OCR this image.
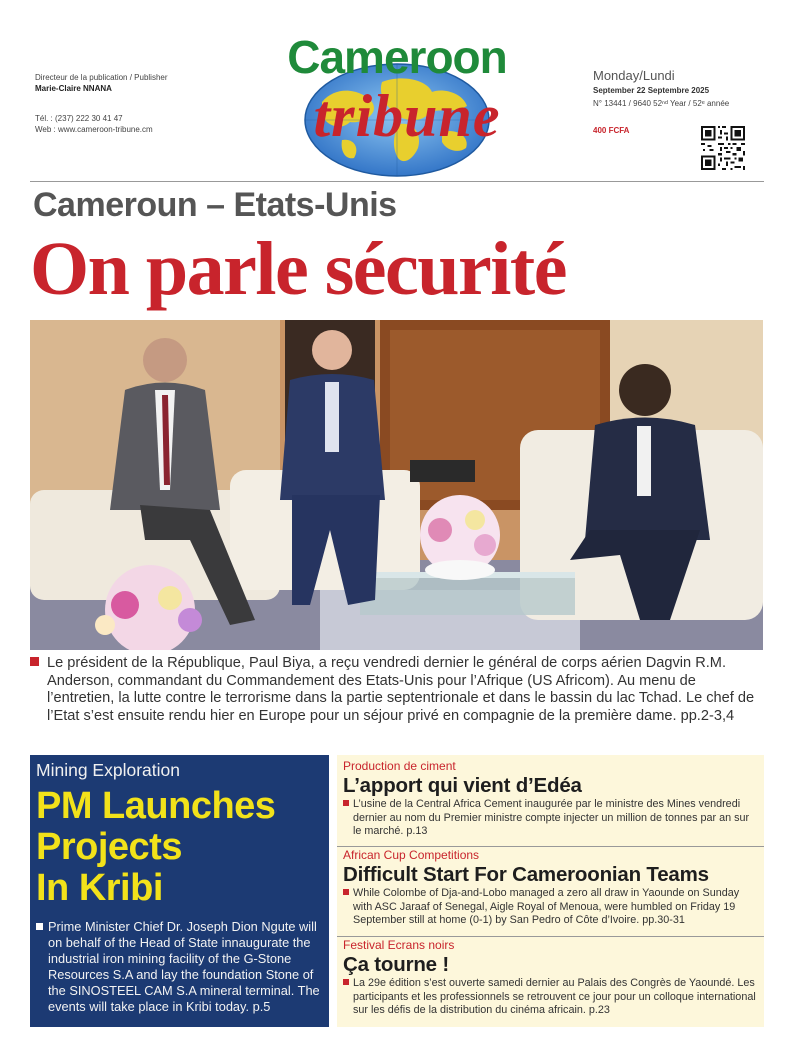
Directeur de la publication / Publisher
Marie-Claire NNANA
Tél. : (237) 222 30 41 47
Web : www.cameroon-tribune.cm
Cameroon
tribune
Monday/Lundi
September 22 Septembre 2025
N° 13441 / 9640 52ⁿᵈ Year / 52ᵉ année
400 FCFA
Cameroun – Etats-Unis
On parle sécurité
Le président de la République, Paul Biya, a reçu vendredi dernier le général de corps aérien Dagvin R.M. Anderson, commandant du Commandement des Etats-Unis pour l’Afrique (US Africom). Au menu de l’entretien, la lutte contre le terrorisme dans la partie septentrionale et dans le bassin du lac Tchad. Le chef de l’Etat s’est ensuite rendu hier en Europe pour un séjour privé en compagnie de la première dame. pp.2-3,4
Mining Exploration
PM Launches
Projects
In Kribi
Prime Minister Chief Dr. Joseph Dion Ngute will on behalf of the Head of State innaugurate the industrial iron mining facility of the G-Stone Resources S.A and lay the foundation Stone of the SINOSTEEL CAM S.A mineral terminal. The events will take place in Kribi today. p.5
Production de ciment
L’apport qui vient d’Edéa
L’usine de la Central Africa Cement inaugurée par le ministre des Mines vendredi dernier au nom du Premier ministre compte injecter un million de tonnes par an sur le marché. p.13
African Cup Competitions
Difficult Start For Cameroonian Teams
While Colombe of Dja-and-Lobo managed a zero all draw in Yaounde on Sunday with ASC Jaraaf of Senegal, Aigle Royal of Menoua, were humbled on Friday 19 September still at home (0-1) by San Pedro of Côte d’Ivoire. pp.30-31
Festival Ecrans noirs
Ça tourne !
La 29e édition s’est ouverte samedi dernier au Palais des Congrès de Yaoundé. Les participants et les professionnels se retrouvent ce jour pour un colloque international sur les défis de la distribution du cinéma africain. p.23
